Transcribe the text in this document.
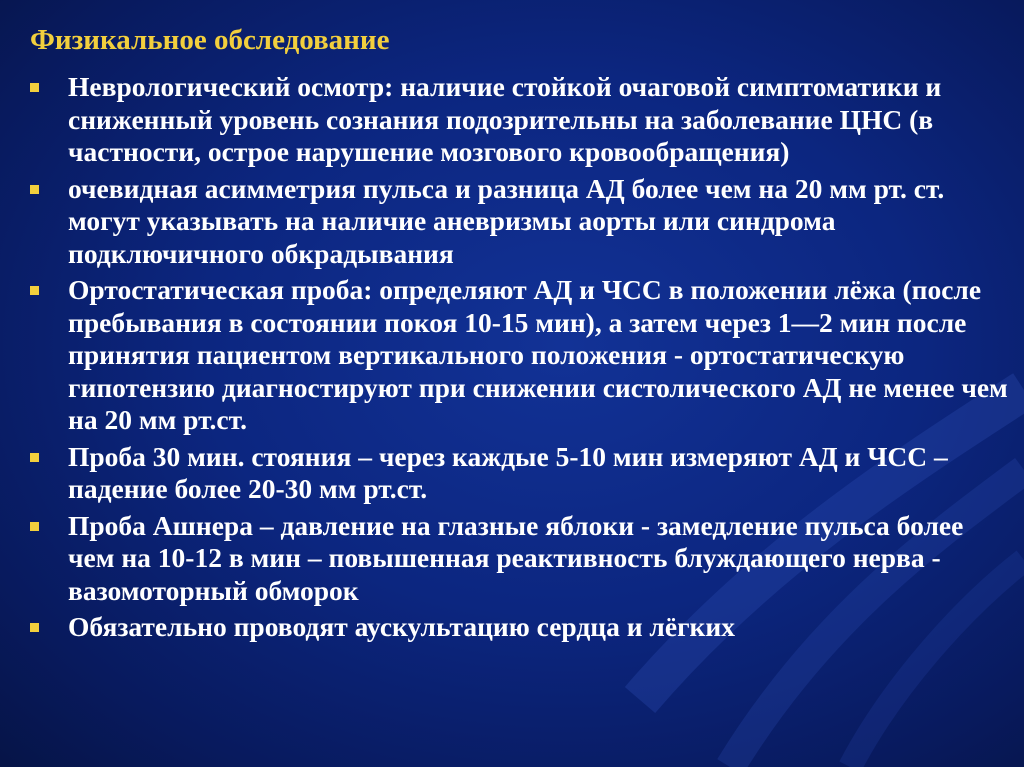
Физикальное обследование
Неврологический осмотр: наличие стойкой очаговой симптоматики и сниженный уровень сознания подозрительны на заболевание ЦНС (в частности, острое нарушение мозгового кровообращения)
очевидная асимметрия пульса и разница АД более чем на 20 мм рт. ст. могут указывать на наличие аневризмы аорты или синдрома подключичного обкрадывания
Ортостатическая проба: определяют АД и ЧСС в положении лёжа (после пребывания в состоянии покоя 10-15 мин), а затем через 1—2 мин после принятия пациентом вертикального положения - ортостатическую гипотензию диагностируют при снижении систолического АД не менее чем на 20 мм рт.ст.
Проба 30 мин. стояния – через каждые 5-10 мин измеряют АД и ЧСС – падение более 20-30 мм рт.ст.
Проба Ашнера – давление на глазные яблоки - замедление пульса более чем на 10-12 в мин – повышенная реактивность блуждающего нерва - вазомоторный обморок
Обязательно проводят аускультацию сердца и лёгких
